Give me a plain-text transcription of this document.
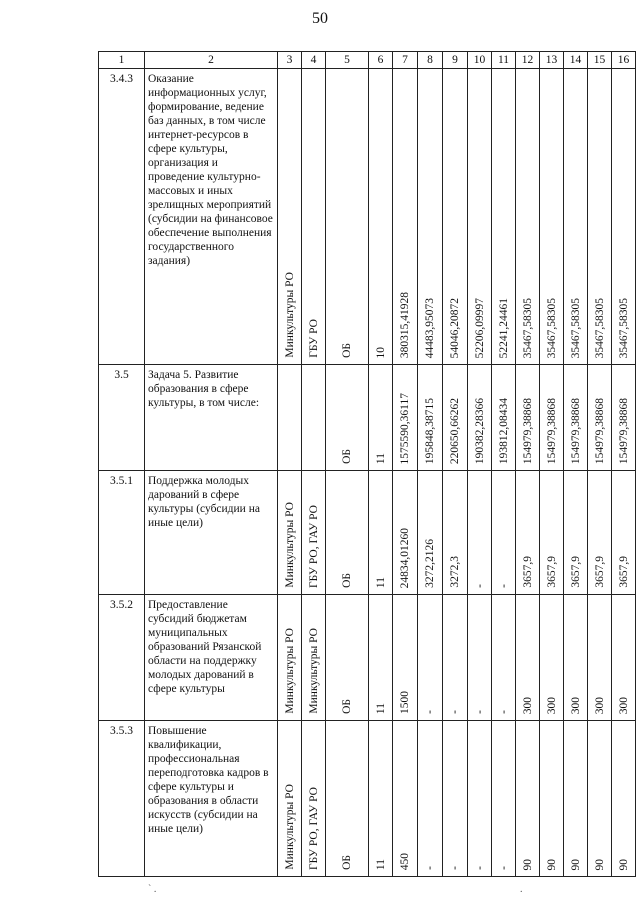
50
1	2	3	4	5	6	7	8	9	10	11	12	13	14	15	16
3.4.3	Оказание информационных услуг, формирование, ведение баз данных, в том числе интернет-ресурсов в сфере культуры, организация и проведение культурно-массовых и иных зрелищных мероприятий (субсидии на финансовое обеспечение выполнения государственного задания)	Минкультуры РО	ГБУ РО	ОБ	10	380315,41928	44483,95073	54046,20872	52206,09997	52241,24461	35467,58305	35467,58305	35467,58305	35467,58305	35467,58305

3.5	Задача 5. Развитие образования в сфере культуры, в том числе:			ОБ	11	1575590,36117	195848,38715	220650,66262	190382,28366	193812,08434	154979,38868	154979,38868	154979,38868	154979,38868	154979,38868

3.5.1	Поддержка молодых дарований в сфере культуры (субсидии на иные цели)	Минкультуры РО	ГБУ РО, ГАУ РО	ОБ	11	24834,01260	3272,2126	3272,3	-	-	3657,9	3657,9	3657,9	3657,9	3657,9

3.5.2	Предоставление субсидий бюджетам муниципальных образований Рязанской области на поддержку молодых дарований в сфере культуры	Минкультуры РО	Минкультуры РО	ОБ	11	1500	-	-	-	-	300	300	300	300	300

3.5.3	Повышение квалификации, профессиональная переподготовка кадров в сфере культуры и образования в области искусств (субсидии на иные цели)	Минкультуры РО	ГБУ РО, ГАУ РО	ОБ	11	450	-	-	-	-	90	90	90	90	90
` .	.
